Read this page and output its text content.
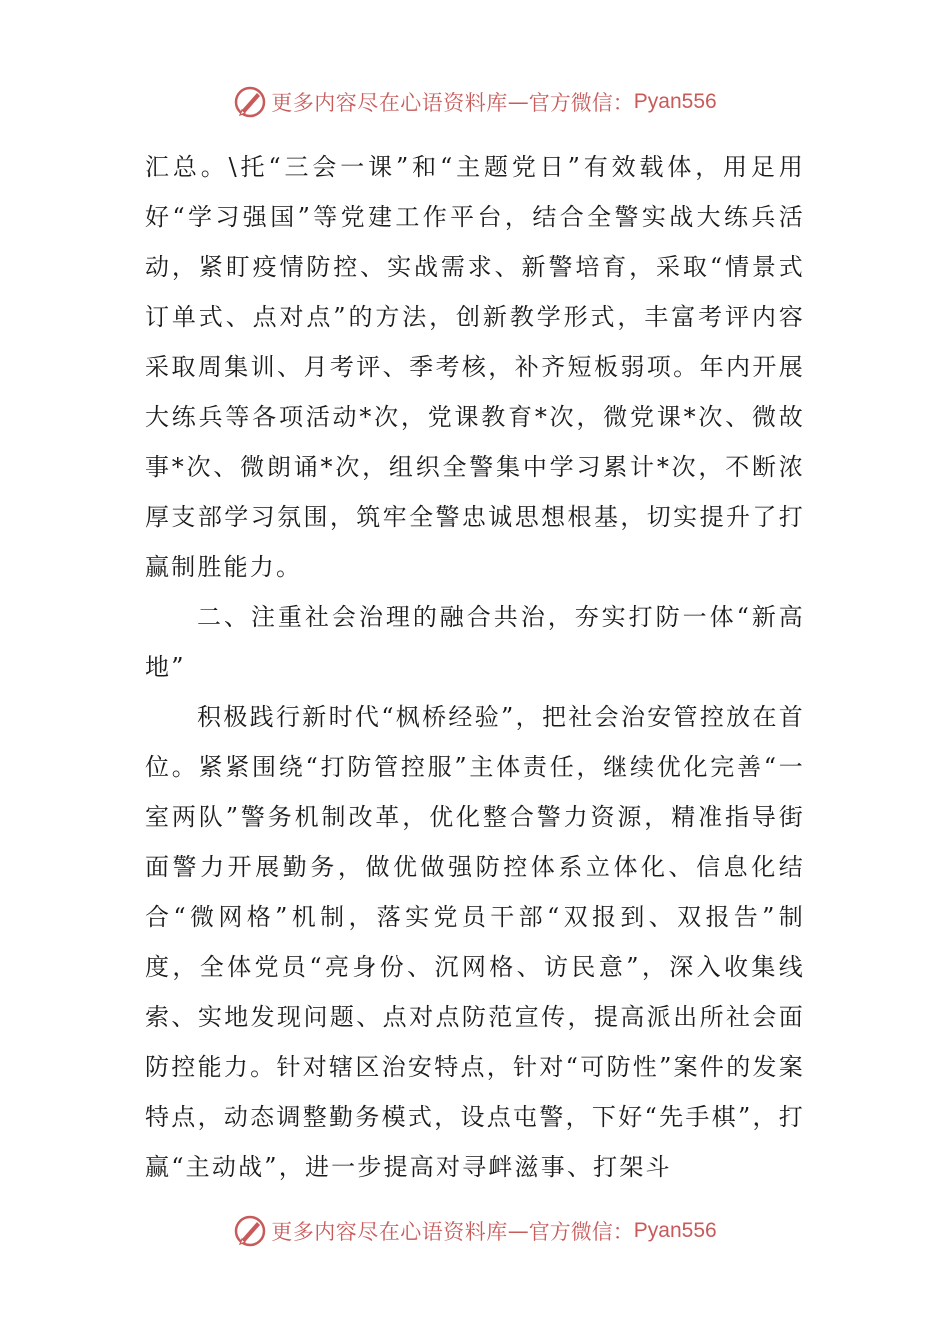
更多内容尽在心语资料库 — 官方微信： Pyan556

汇总。\托“三会一课”和“主题党日”有效载体，用足用好“学习强国”等党建工作平台，结合全警实战大练兵活动，紧盯疫情防控、实战需求、新警培育，采取“情景式订单式、点对点”的方法，创新教学形式，丰富考评内容采取周集训、月考评、季考核，补齐短板弱项。年内开展大练兵等各项活动*次，党课教育*次，微党课*次、微故事*次、微朗诵*次，组织全警集中学习累计*次，不断浓厚支部学习氛围，筑牢全警忠诚思想根基，切实提升了打赢制胜能力。

二、注重社会治理的融合共治，夯实打防一体“新高地”

积极践行新时代“枫桥经验”，把社会治安管控放在首位。紧紧围绕“打防管控服”主体责任，继续优化完善“一室两队”警务机制改革，优化整合警力资源，精准指导街面警力开展勤务，做优做强防控体系立体化、信息化结合“微网格”机制，落实党员干部“双报到、双报告”制度，全体党员“亮身份、沉网格、访民意”，深入收集线索、实地发现问题、点对点防范宣传，提高派出所社会面防控能力。针对辖区治安特点，针对“可防性”案件的发案特点，动态调整勤务模式，设点屯警，下好“先手棋”，打赢“主动战”，进一步提高对寻衅滋事、打架斗

更多内容尽在心语资料库 — 官方微信： Pyan556
